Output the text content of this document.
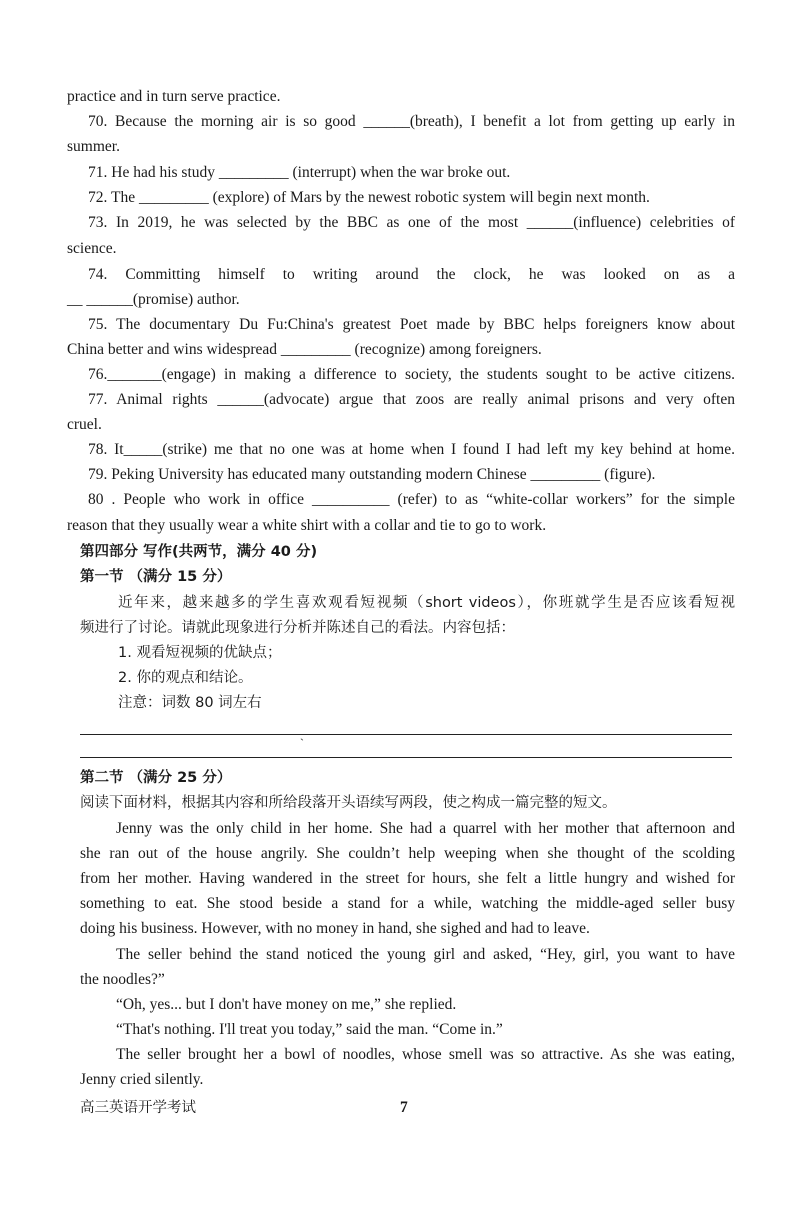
practice and in turn serve practice.
70. Because the morning air is so good ______(breath), I benefit a lot from getting up early in
summer.
71. He had his study _________ (interrupt) when the war broke out.
72. The _________ (explore) of Mars by the newest robotic system will begin next month.
73. In 2019, he was selected by the BBC as one of the most ______(influence) celebrities of
science.
74. Committing himself to writing around the clock, he was looked on as a
__ ______(promise) author.
75. The documentary Du Fu:China's greatest Poet made by BBC helps foreigners know about
China better and wins widespread _________ (recognize) among foreigners.
76._______(engage) in making a difference to society, the students sought to be active citizens.
77. Animal rights ______(advocate) argue that zoos are really animal prisons and very often
cruel.
78. It_____(strike) me that no one was at home when I found I had left my key behind at home.
79. Peking University has educated many outstanding modern Chinese _________ (figure).
80 . People who work in office __________ (refer) to as “white-collar workers” for the simple
reason that they usually wear a white shirt with a collar and tie to go to work.
第四部分 写作(共两节，满分 40 分)
第一节 （满分 15 分）
近年来，越来越多的学生喜欢观看短视频（short videos），你班就学生是否应该看短视
频进行了讨论。请就此现象进行分析并陈述自己的看法。内容包括：
1. 观看短视频的优缺点；
2. 你的观点和结论。
注意：词数 80 词左右
`
第二节 （满分 25 分）
阅读下面材料，根据其内容和所给段落开头语续写两段，使之构成一篇完整的短文。
Jenny was the only child in her home. She had a quarrel with her mother that afternoon and
she ran out of the house angrily. She couldn’t help weeping when she thought of the scolding
from her mother. Having wandered in the street for hours, she felt a little hungry and wished for
something to eat. She stood beside a stand for a while, watching the middle-aged seller busy
doing his business. However, with no money in hand, she sighed and had to leave.
The seller behind the stand noticed the young girl and asked, “Hey, girl, you want to have
the noodles?”
“Oh, yes... but I don't have money on me,” she replied.
“That's nothing. I'll treat you today,” said the man. “Come in.”
The seller brought her a bowl of noodles, whose smell was so attractive. As she was eating,
Jenny cried silently.
高三英语开学考试	7
